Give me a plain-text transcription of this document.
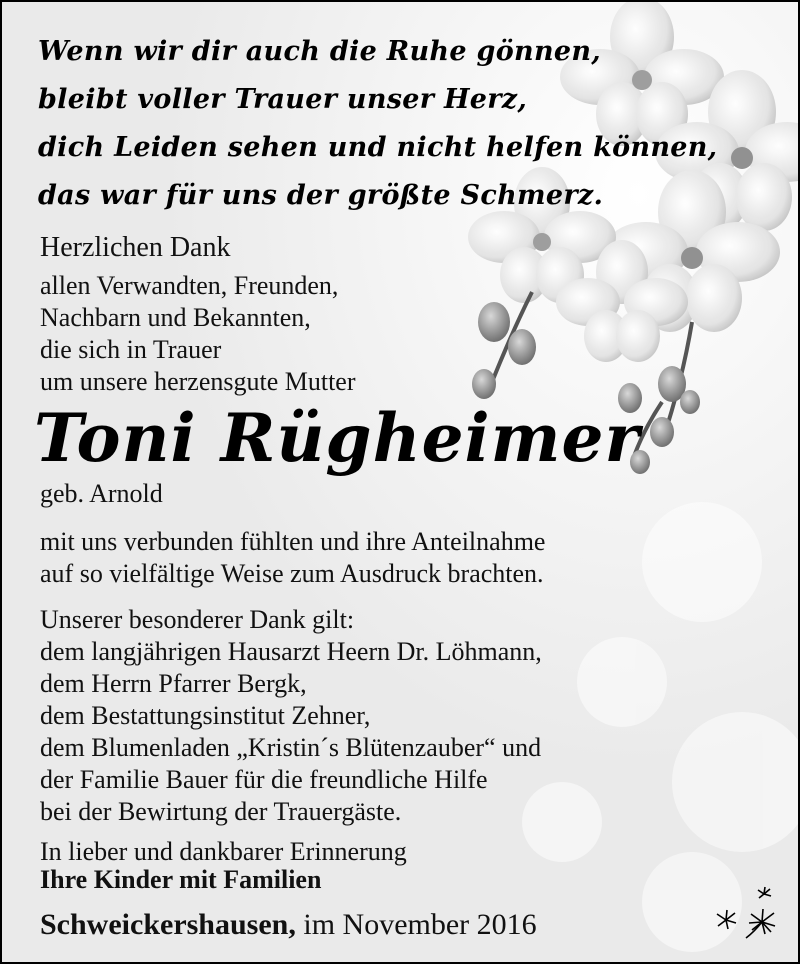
Wenn wir dir auch die Ruhe gönnen,
bleibt voller Trauer unser Herz,
dich Leiden sehen und nicht helfen können,
das war für uns der größte Schmerz.
Herzlichen Dank
allen Verwandten, Freunden,
Nachbarn und Bekannten,
die sich in Trauer
um unsere herzensgute Mutter
Toni Rügheimer
geb. Arnold
mit uns verbunden fühlten und ihre Anteilnahme
auf so vielfältige Weise zum Ausdruck brachten.
Unserer besonderer Dank gilt:
dem langjährigen Hausarzt Heern Dr. Löhmann,
dem Herrn Pfarrer Bergk,
dem Bestattungsinstitut Zehner,
dem Blumenladen „Kristin´s Blütenzauber“ und
der Familie Bauer für die freundliche Hilfe
bei der Bewirtung der Trauergäste.
In lieber und dankbarer Erinnerung
Ihre Kinder mit Familien
Schweickershausen, im November 2016
